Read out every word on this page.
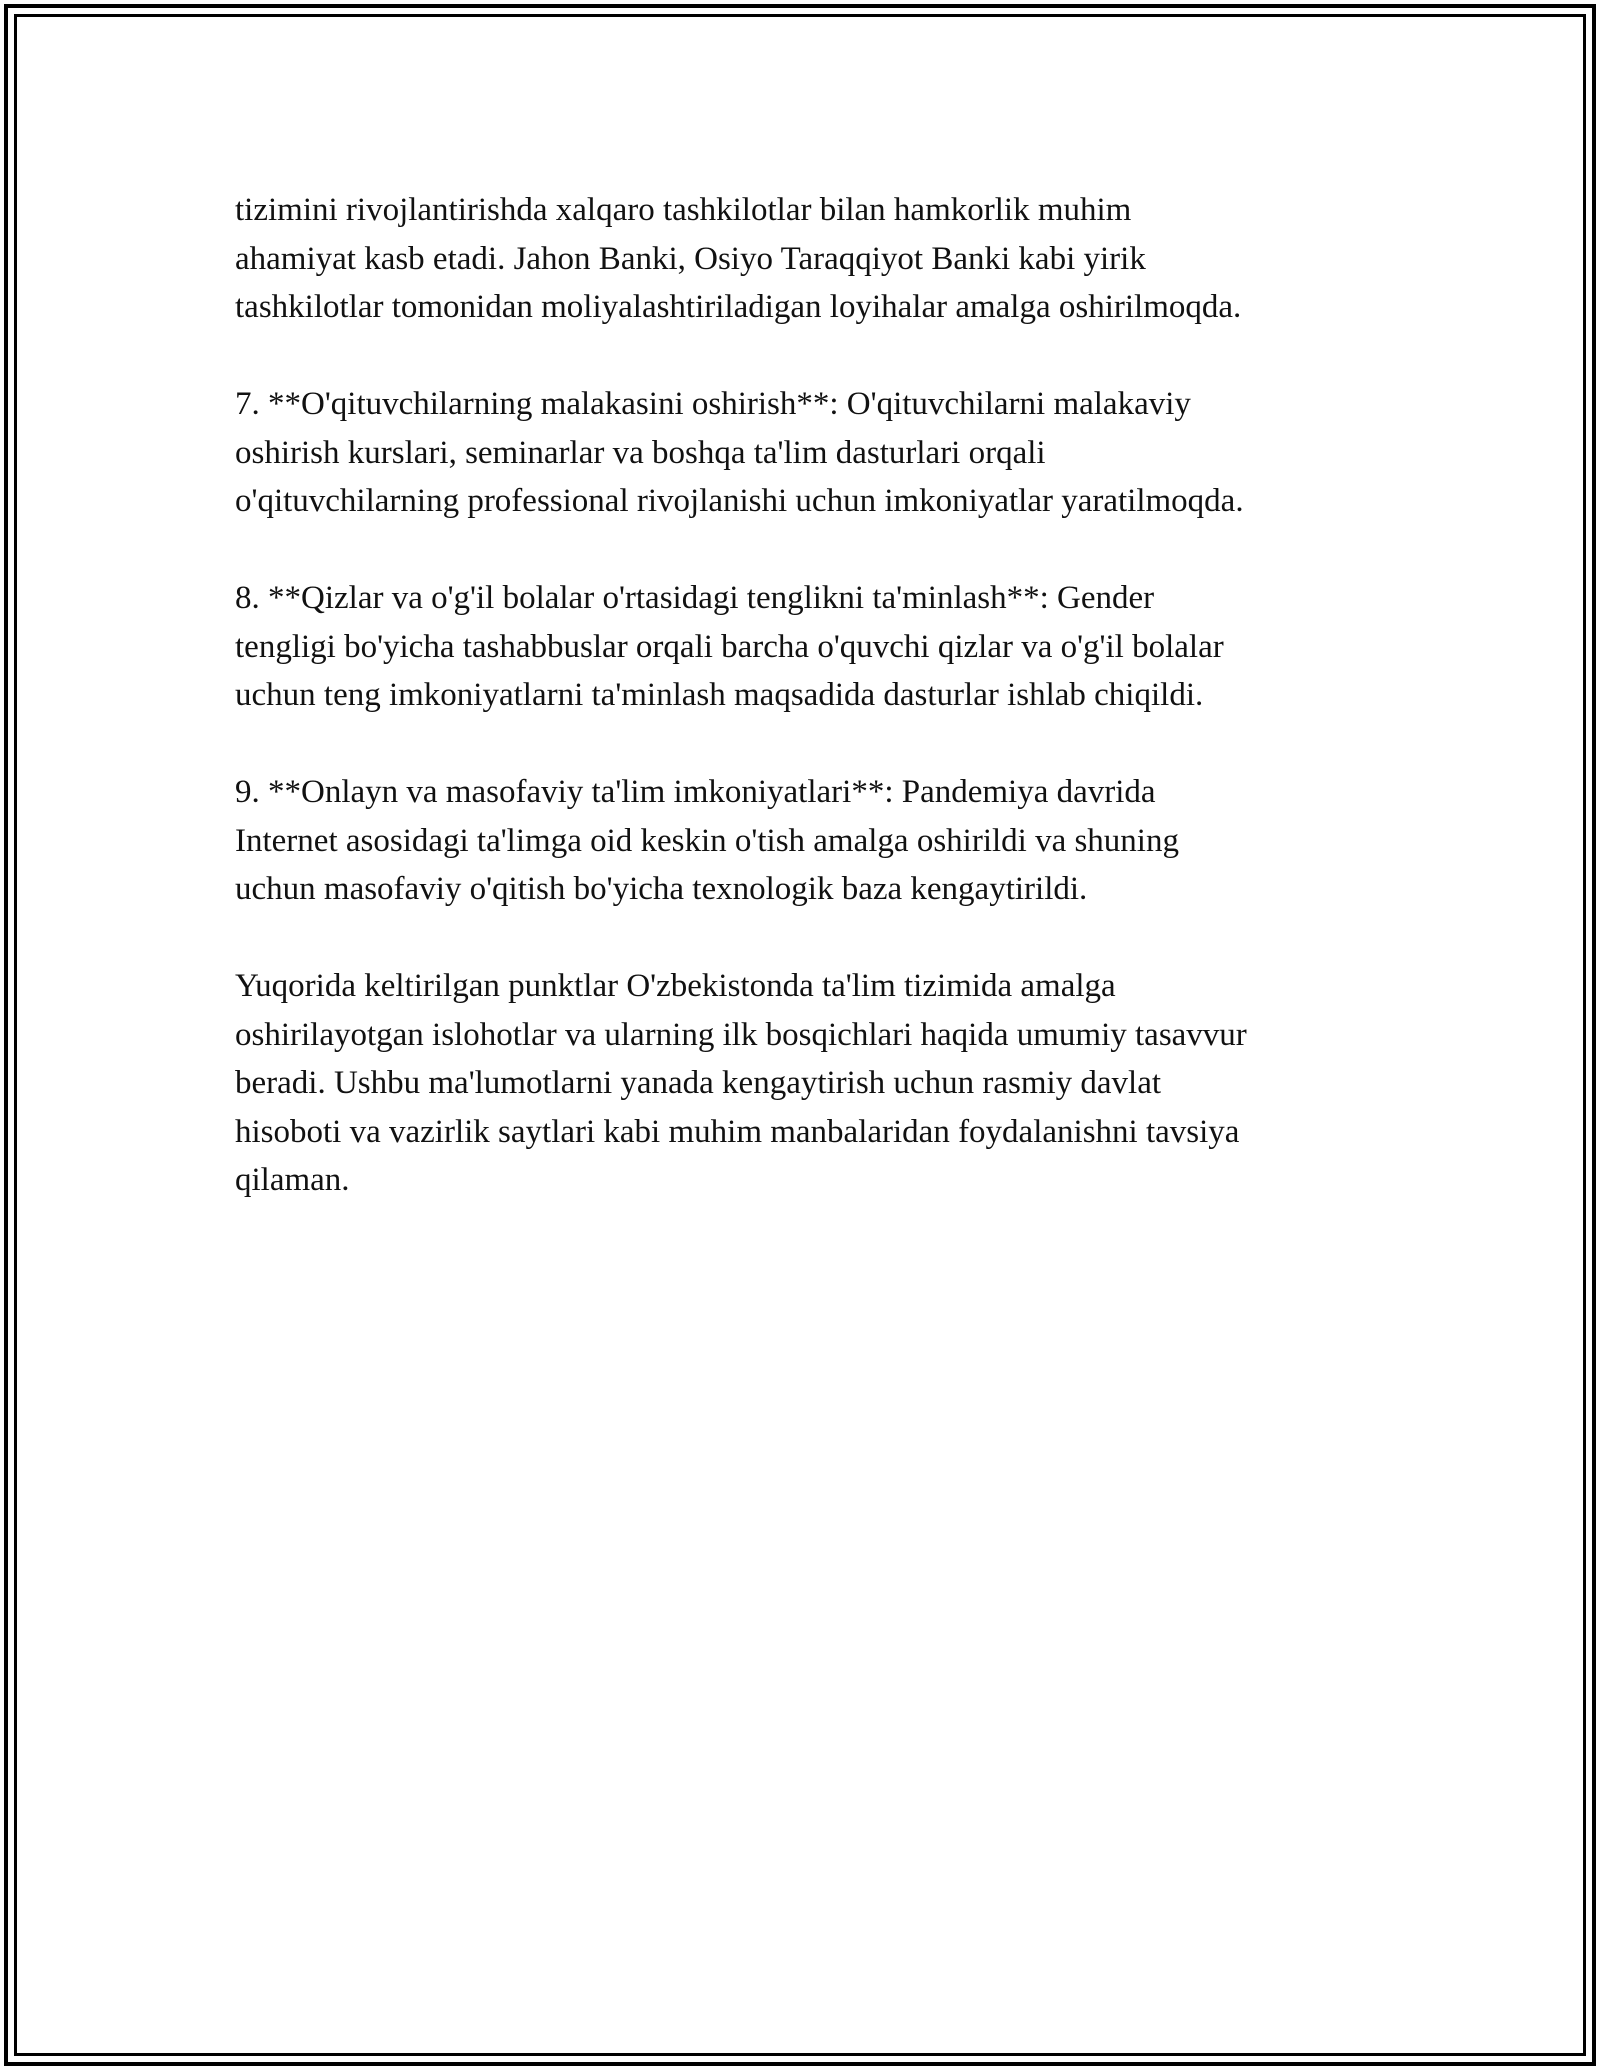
tizimini rivojlantirishda xalqaro tashkilotlar bilan hamkorlik muhim
ahamiyat kasb etadi. Jahon Banki, Osiyo Taraqqiyot Banki kabi yirik
tashkilotlar tomonidan moliyalashtiriladigan loyihalar amalga oshirilmoqda.

7. **O'qituvchilarning malakasini oshirish**: O'qituvchilarni malakaviy
oshirish kurslari, seminarlar va boshqa ta'lim dasturlari orqali
o'qituvchilarning professional rivojlanishi uchun imkoniyatlar yaratilmoqda.

8. **Qizlar va o'g'il bolalar o'rtasidagi tenglikni ta'minlash**: Gender
tengligi bo'yicha tashabbuslar orqali barcha o'quvchi qizlar va o'g'il bolalar
uchun teng imkoniyatlarni ta'minlash maqsadida dasturlar ishlab chiqildi.

9. **Onlayn va masofaviy ta'lim imkoniyatlari**: Pandemiya davrida
Internet asosidagi ta'limga oid keskin o'tish amalga oshirildi va shuning
uchun masofaviy o'qitish bo'yicha texnologik baza kengaytirildi.

Yuqorida keltirilgan punktlar O'zbekistonda ta'lim tizimida amalga
oshirilayotgan islohotlar va ularning ilk bosqichlari haqida umumiy tasavvur
beradi. Ushbu ma'lumotlarni yanada kengaytirish uchun rasmiy davlat
hisoboti va vazirlik saytlari kabi muhim manbalaridan foydalanishni tavsiya
qilaman.
